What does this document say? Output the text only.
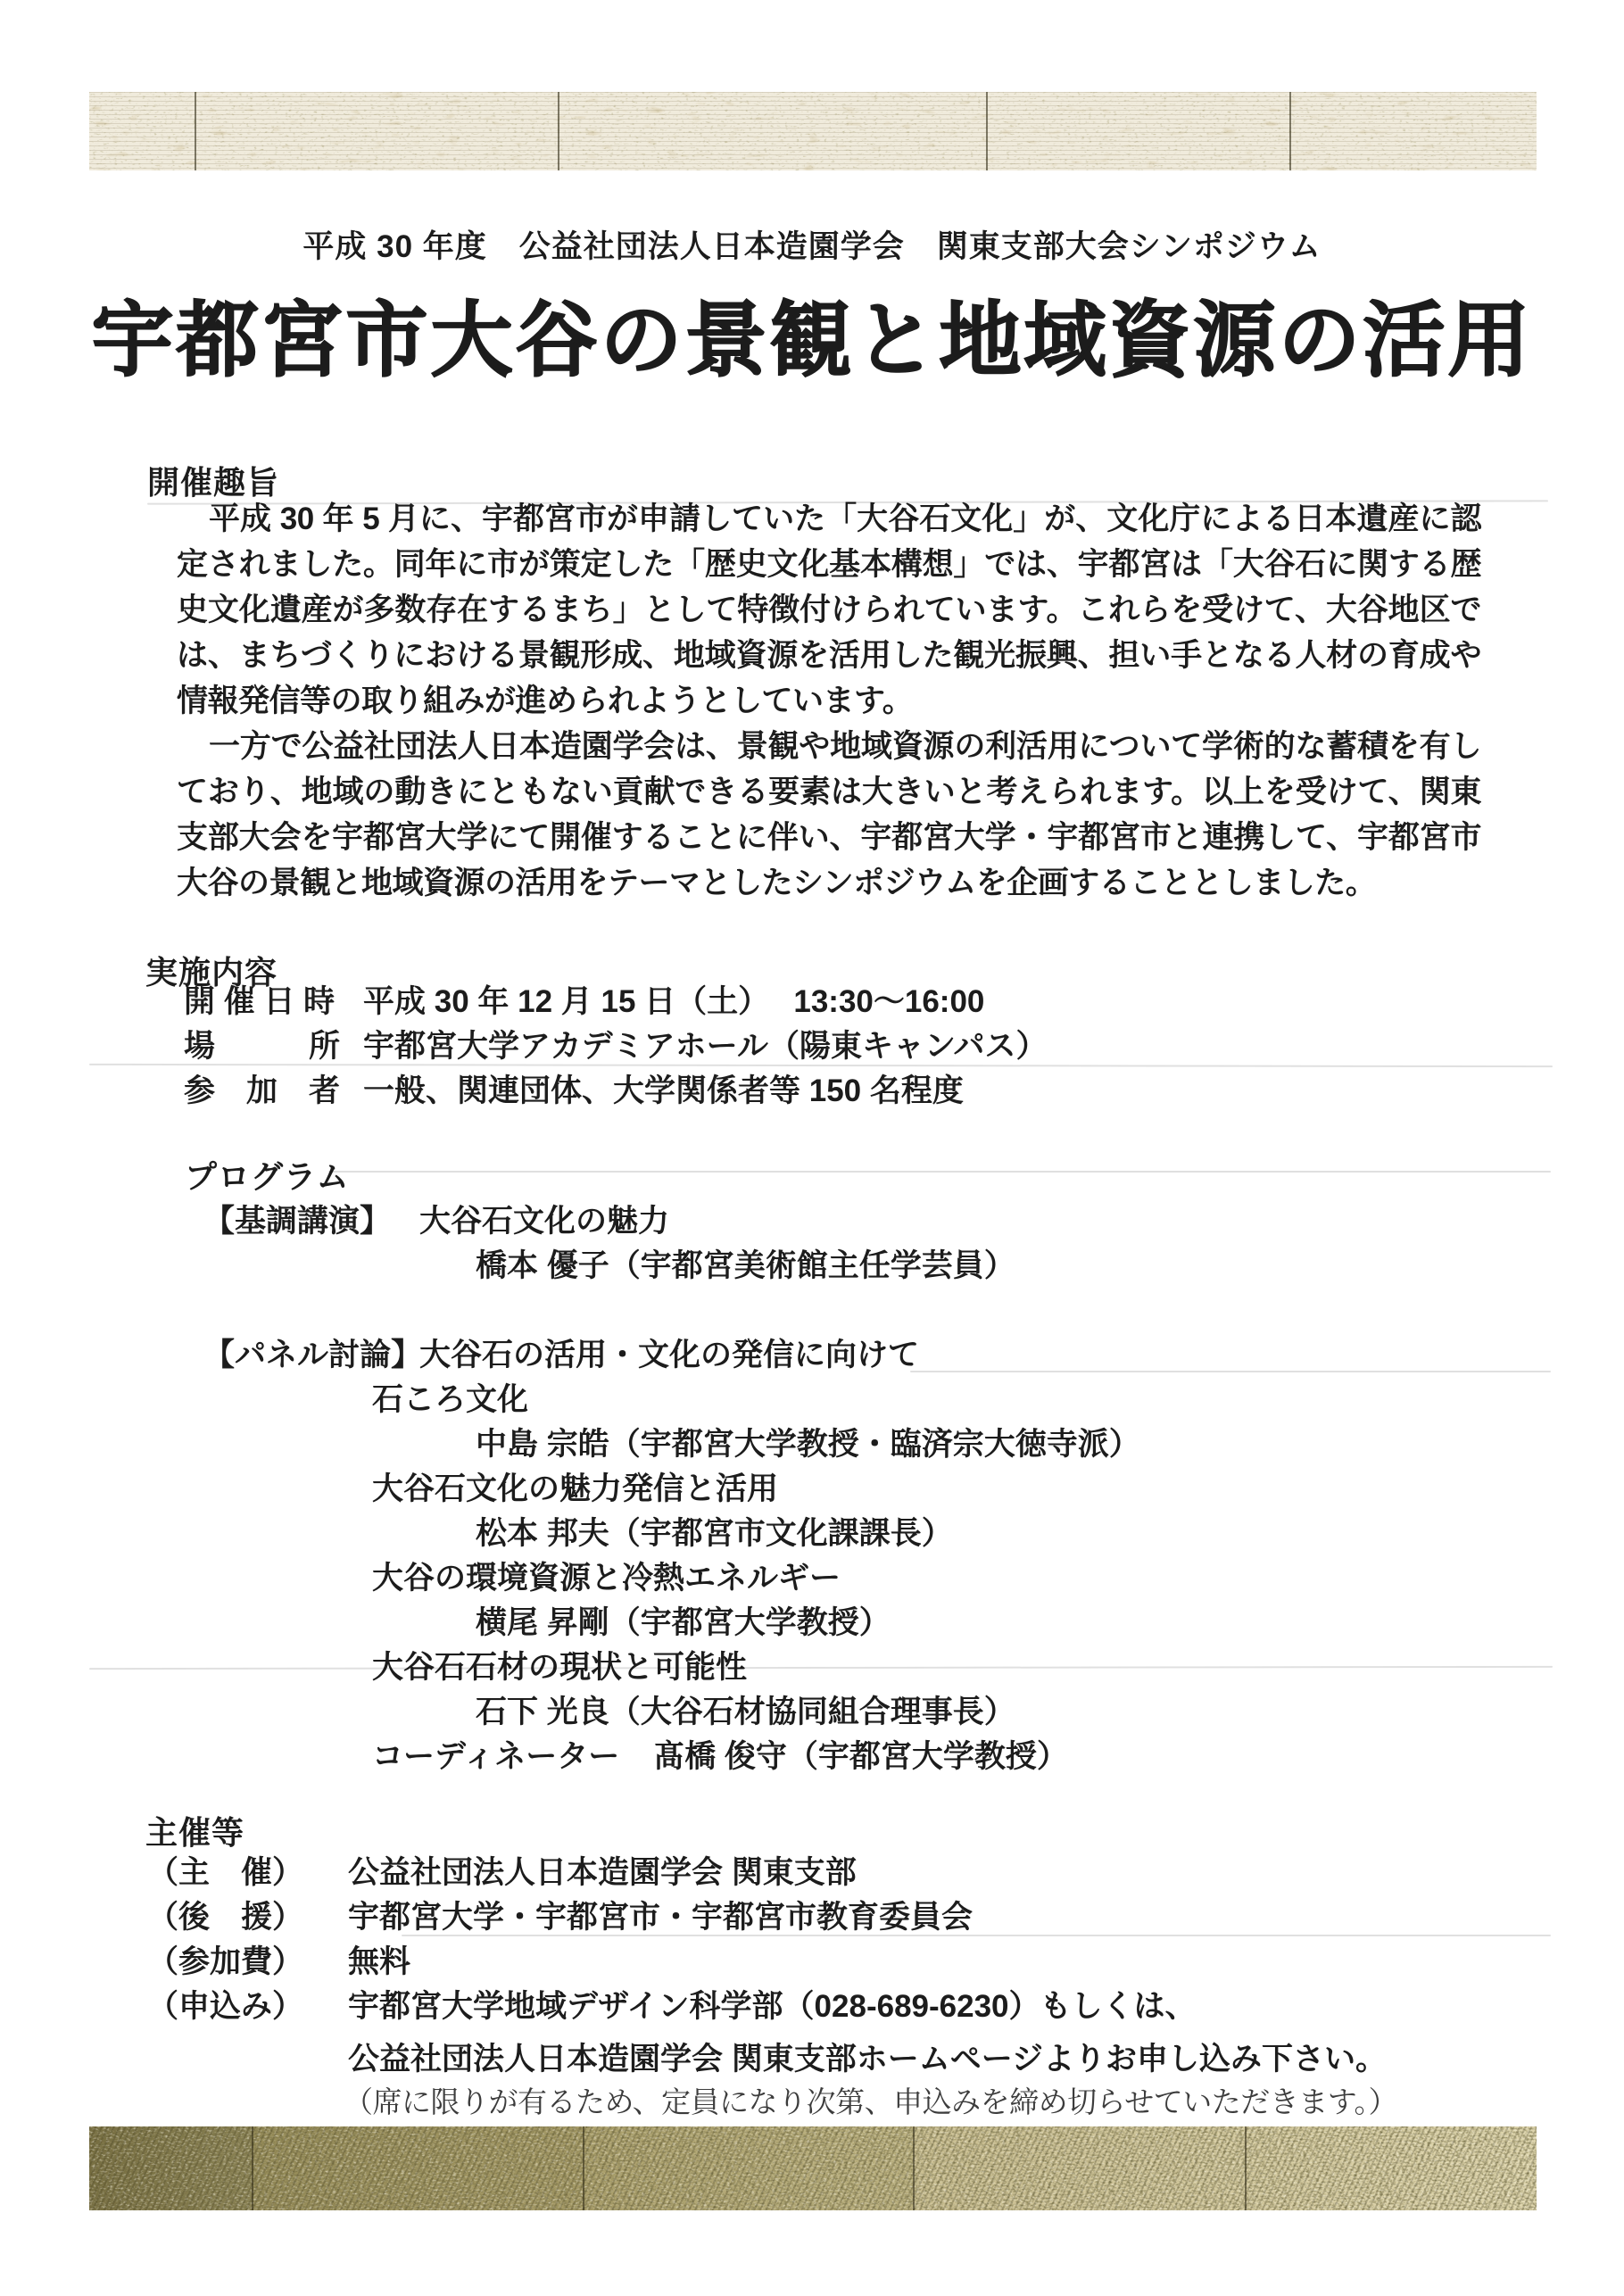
平成 30 年度　公益社団法人日本造園学会　関東支部大会シンポジウム
宇都宮市大谷の景観と地域資源の活用
開催趣旨

平成 30 年 5 月に、宇都宮市が申請していた「大谷石文化」が、文化庁による日本遺産に認定されました。同年に市が策定した「歴史文化基本構想」では、宇都宮は「大谷石に関する歴史文化遺産が多数存在するまち」として特徴付けられています。これらを受けて、大谷地区では、まちづくりにおける景観形成、地域資源を活用した観光振興、担い手となる人材の育成や情報発信等の取り組みが進められようとしています。

一方で公益社団法人日本造園学会は、景観や地域資源の利活用について学術的な蓄積を有しており、地域の動きにともない貢献できる要素は大きいと考えられます。以上を受けて、関東支部大会を宇都宮大学にて開催することに伴い、宇都宮大学・宇都宮市と連携して、宇都宮市大谷の景観と地域資源の活用をテーマとしたシンポジウムを企画することとしました。

実施内容
開 催 日 時 平成 30 年 12 月 15 日（土）　 13:30～16:00
場　　　所 宇都宮大学アカデミアホール（陽東キャンパス）
参　加　者 一般、関連団体、大学関係者等 150 名程度
プログラム
【基調講演】 大谷石文化の魅力
橋本 優子（宇都宮美術館主任学芸員）
【パネル討論】大谷石の活用・文化の発信に向けて
石ころ文化
中島 宗皓（宇都宮大学教授・臨済宗大徳寺派）
大谷石文化の魅力発信と活用
松本 邦夫（宇都宮市文化課課長）
大谷の環境資源と冷熱エネルギー
横尾 昇剛（宇都宮大学教授）
大谷石石材の現状と可能性
石下 光良（大谷石材協同組合理事長）
コーディネーター 髙橋 俊守（宇都宮大学教授）
主催等
（主　催） 公益社団法人日本造園学会 関東支部
（後　援） 宇都宮大学・宇都宮市・宇都宮市教育委員会
（参加費） 無料
（申込み） 宇都宮大学地域デザイン科学部（028-689-6230）もしくは、
公益社団法人日本造園学会 関東支部ホームページよりお申し込み下さい。
（席に限りが有るため、定員になり次第、申込みを締め切らせていただきます。）
